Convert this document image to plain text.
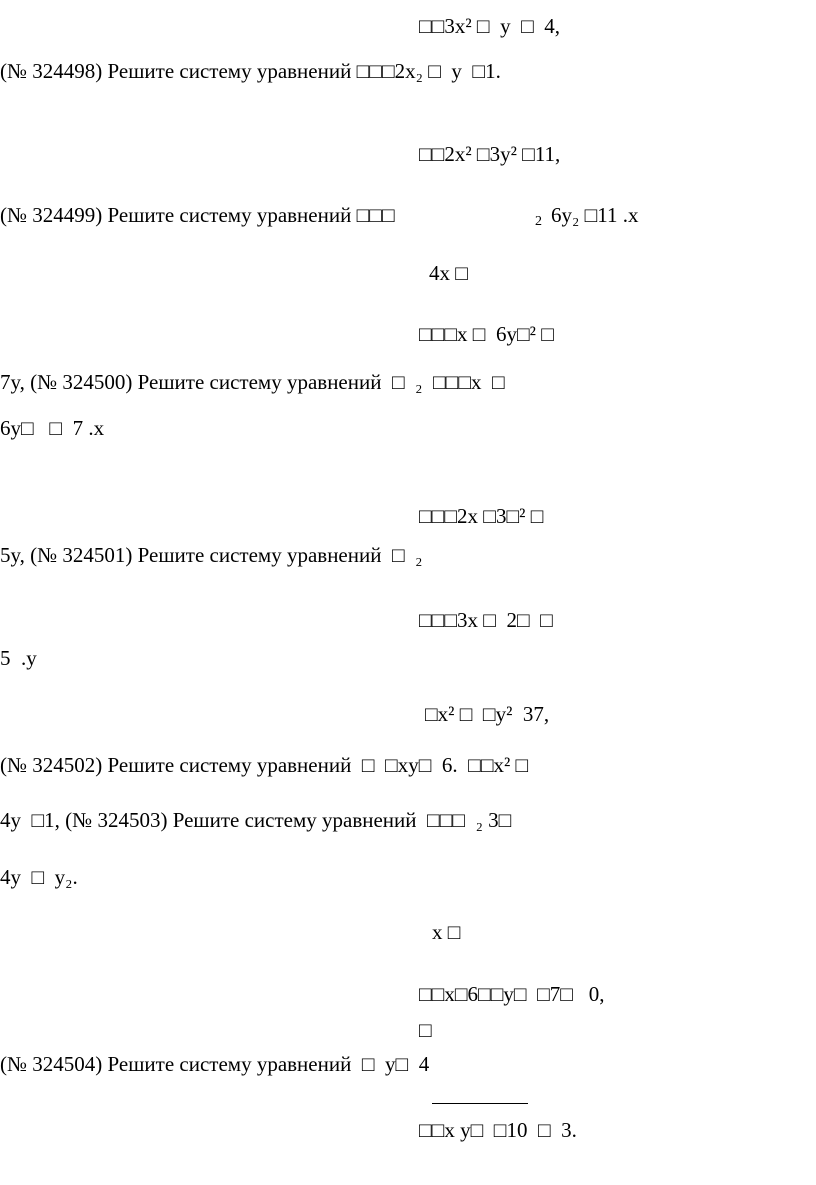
□□3x² □  y  □  4,
(№ 324498) Решите систему уравнений □□□2x₂ □  y  □1.
□□2x² □3y² □11,
(№ 324499) Решите систему уравнений □□□	2 6y₂ □11 .x
4x □
□□□x □  6y□² □
7y, (№ 324500) Решите систему уравнений  □  ₂  □□□x  □
6y□   □  7 .x
□□□2x □3□² □
5y, (№ 324501) Решите систему уравнений  □  ₂
□□□3x □  2□  □
5  .y
□x² □  □y²  37,
(№ 324502) Решите систему уравнений  □  □xy□  6.  □□x² □
4y  □1, (№ 324503) Решите систему уравнений  □□□  ₂ 3□
4y  □  y₂.
x □
□□x□6□□y□  □7□   0,
□
(№ 324504) Решите систему уравнений  □  y□  4
□□x y□  □10  □  3.
